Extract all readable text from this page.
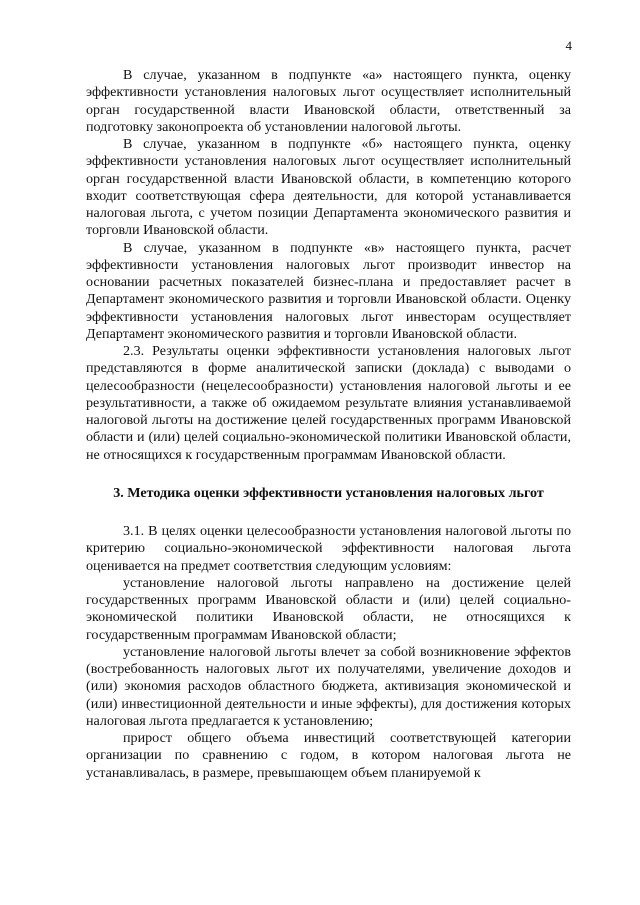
4

В случае, указанном в подпункте «а» настоящего пункта, оценку эффективности установления налоговых льгот осуществляет исполнительный орган государственной власти Ивановской области, ответственный за подготовку законопроекта об установлении налоговой льготы.

В случае, указанном в подпункте «б» настоящего пункта, оценку эффективности установления налоговых льгот осуществляет исполнительный орган государственной власти Ивановской области, в компетенцию которого входит соответствующая сфера деятельности, для которой устанавливается налоговая льгота, с учетом позиции Департамента экономического развития и торговли Ивановской области.

В случае, указанном в подпункте «в» настоящего пункта, расчет эффективности установления налоговых льгот производит инвестор на основании расчетных показателей бизнес-плана и предоставляет расчет в Департамент экономического развития и торговли Ивановской области. Оценку эффективности установления налоговых льгот инвесторам осуществляет Департамент экономического развития и торговли Ивановской области.

2.3. Результаты оценки эффективности установления налоговых льгот представляются в форме аналитической записки (доклада) с выводами о целесообразности (нецелесообразности) установления налоговой льготы и ее результативности, а также об ожидаемом результате влияния устанавливаемой налоговой льготы на достижение целей государственных программ Ивановской области и (или) целей социально-экономической политики Ивановской области, не относящихся к государственным программам Ивановской области.

3. Методика оценки эффективности установления налоговых льгот

3.1. В целях оценки целесообразности установления налоговой льготы по критерию социально-экономической эффективности налоговая льгота оценивается на предмет соответствия следующим условиям:

установление налоговой льготы направлено на достижение целей государственных программ Ивановской области и (или) целей социально-экономической политики Ивановской области, не относящихся к государственным программам Ивановской области;

установление налоговой льготы влечет за собой возникновение эффектов (востребованность налоговых льгот их получателями, увеличение доходов и (или) экономия расходов областного бюджета, активизация экономической и (или) инвестиционной деятельности и иные эффекты), для достижения которых налоговая льгота предлагается к установлению;

прирост общего объема инвестиций соответствующей категории организации по сравнению с годом, в котором налоговая льгота не устанавливалась, в размере, превышающем объем планируемой к
